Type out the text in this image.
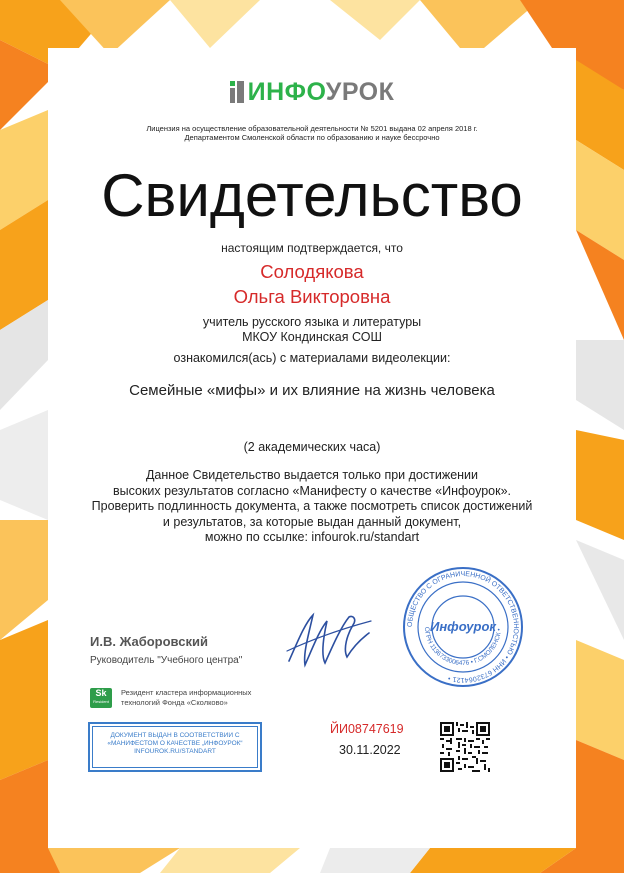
ИНФОУРОК
Лицензия на осуществление образовательной деятельности № 5201 выдана 02 апреля 2018 г.
Департаментом Смоленской области по образованию и науке бессрочно
Свидетельство
настоящим подтверждается, что
Солодякова
Ольга Викторовна
учитель русского языка и литературы
МКОУ Кондинская СОШ
ознакомился(ась) с материалами видеолекции:
Семейные «мифы» и их влияние на жизнь человека
(2 академических часа)
Данное Свидетельство выдается только при достижении
высоких результатов согласно «Манифесту о качестве «Инфоурок».
Проверить подлинность документа, а также посмотреть список достижений
и результатов, за которые выдан данный документ,
можно по ссылке: infourok.ru/standart
И.В. Жаборовский
Руководитель "Учебного центра"
ОБЩЕСТВО С ОГРАНИЧЕННОЙ ОТВЕТСТВЕННОСТЬЮ • ИНН 6732064121 •
ОГРН 1136733006476 • Г.СМОЛЕНСК •
Инфоурок
Sk
Resident
Резидент кластера информационных
технологий Фонда «Сколково»
ДОКУМЕНТ ВЫДАН В СООТВЕТСТВИИ С
«МАНИФЕСТОМ О КАЧЕСТВЕ „ИНФОУРОК“
INFOUROK.RU/STANDART
ЙИ08747619
30.11.2022
